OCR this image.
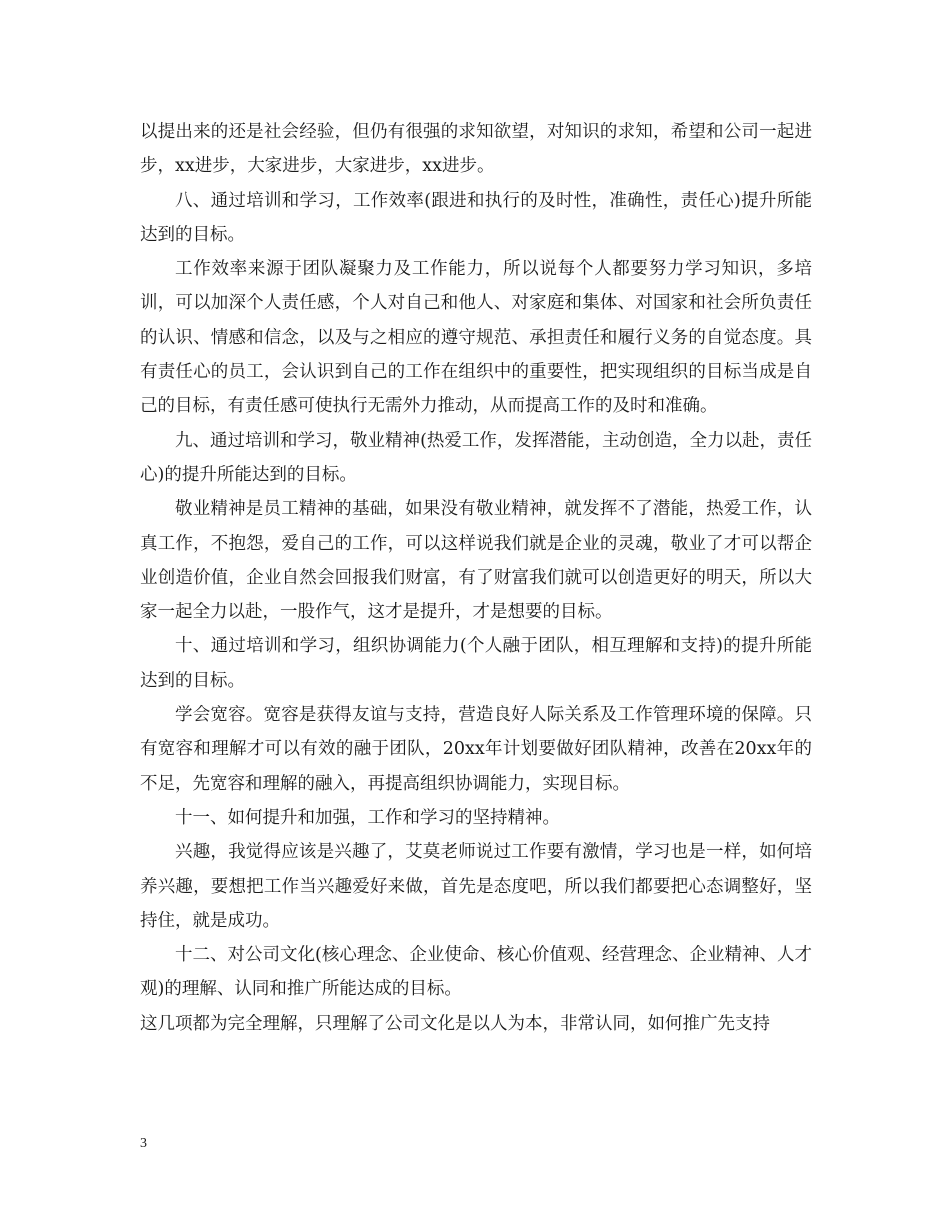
以提出来的还是社会经验，但仍有很强的求知欲望，对知识的求知，希望和公司一起进步，xx进步，大家进步，大家进步，xx进步。

八、通过培训和学习，工作效率(跟进和执行的及时性，准确性，责任心)提升所能达到的目标。

工作效率来源于团队凝聚力及工作能力，所以说每个人都要努力学习知识，多培训，可以加深个人责任感，个人对自己和他人、对家庭和集体、对国家和社会所负责任的认识、情感和信念，以及与之相应的遵守规范、承担责任和履行义务的自觉态度。具有责任心的员工，会认识到自己的工作在组织中的重要性，把实现组织的目标当成是自己的目标，有责任感可使执行无需外力推动，从而提高工作的及时和准确。

九、通过培训和学习，敬业精神(热爱工作，发挥潜能，主动创造，全力以赴，责任心)的提升所能达到的目标。

敬业精神是员工精神的基础，如果没有敬业精神，就发挥不了潜能，热爱工作，认真工作，不抱怨，爱自己的工作，可以这样说我们就是企业的灵魂，敬业了才可以帮企业创造价值，企业自然会回报我们财富，有了财富我们就可以创造更好的明天，所以大家一起全力以赴，一股作气，这才是提升，才是想要的目标。

十、通过培训和学习，组织协调能力(个人融于团队，相互理解和支持)的提升所能达到的目标。

学会宽容。宽容是获得友谊与支持，营造良好人际关系及工作管理环境的保障。只有宽容和理解才可以有效的融于团队，20xx年计划要做好团队精神，改善在20xx年的不足，先宽容和理解的融入，再提高组织协调能力，实现目标。

十一、如何提升和加强，工作和学习的坚持精神。

兴趣，我觉得应该是兴趣了，艾莫老师说过工作要有激情，学习也是一样，如何培养兴趣，要想把工作当兴趣爱好来做，首先是态度吧，所以我们都要把心态调整好，坚持住，就是成功。

十二、对公司文化(核心理念、企业使命、核心价值观、经营理念、企业精神、人才观)的理解、认同和推广所能达成的目标。

这几项都为完全理解，只理解了公司文化是以人为本，非常认同，如何推广先支持

3
